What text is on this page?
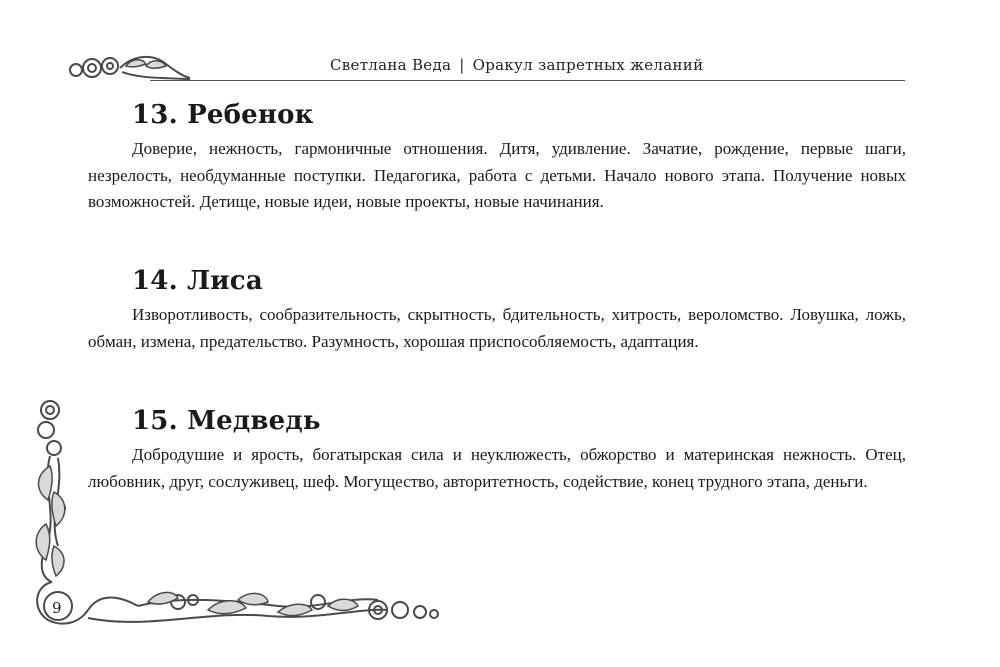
Светлана Веда | Оракул запретных желаний
13. Ребенок

Доверие, нежность, гармоничные отношения. Дитя, удивление. Зачатие, рождение, первые шаги, незрелость, необдуманные поступки. Педагогика, работа с детьми. Начало нового этапа. Получение новых возможностей. Детище, новые идеи, новые проекты, новые начинания.

14. Лиса

Изворотливость, сообразительность, скрытность, бдительность, хитрость, вероломство. Ловушка, ложь, обман, измена, предательство. Разумность, хорошая приспособляемость, адаптация.

15. Медведь

Добродушие и ярость, богатырская сила и неуклюжесть, обжорство и материнская нежность. Отец, любовник, друг, сослуживец, шеф. Могущество, авторитетность, содействие, конец трудного этапа, деньги.

9
